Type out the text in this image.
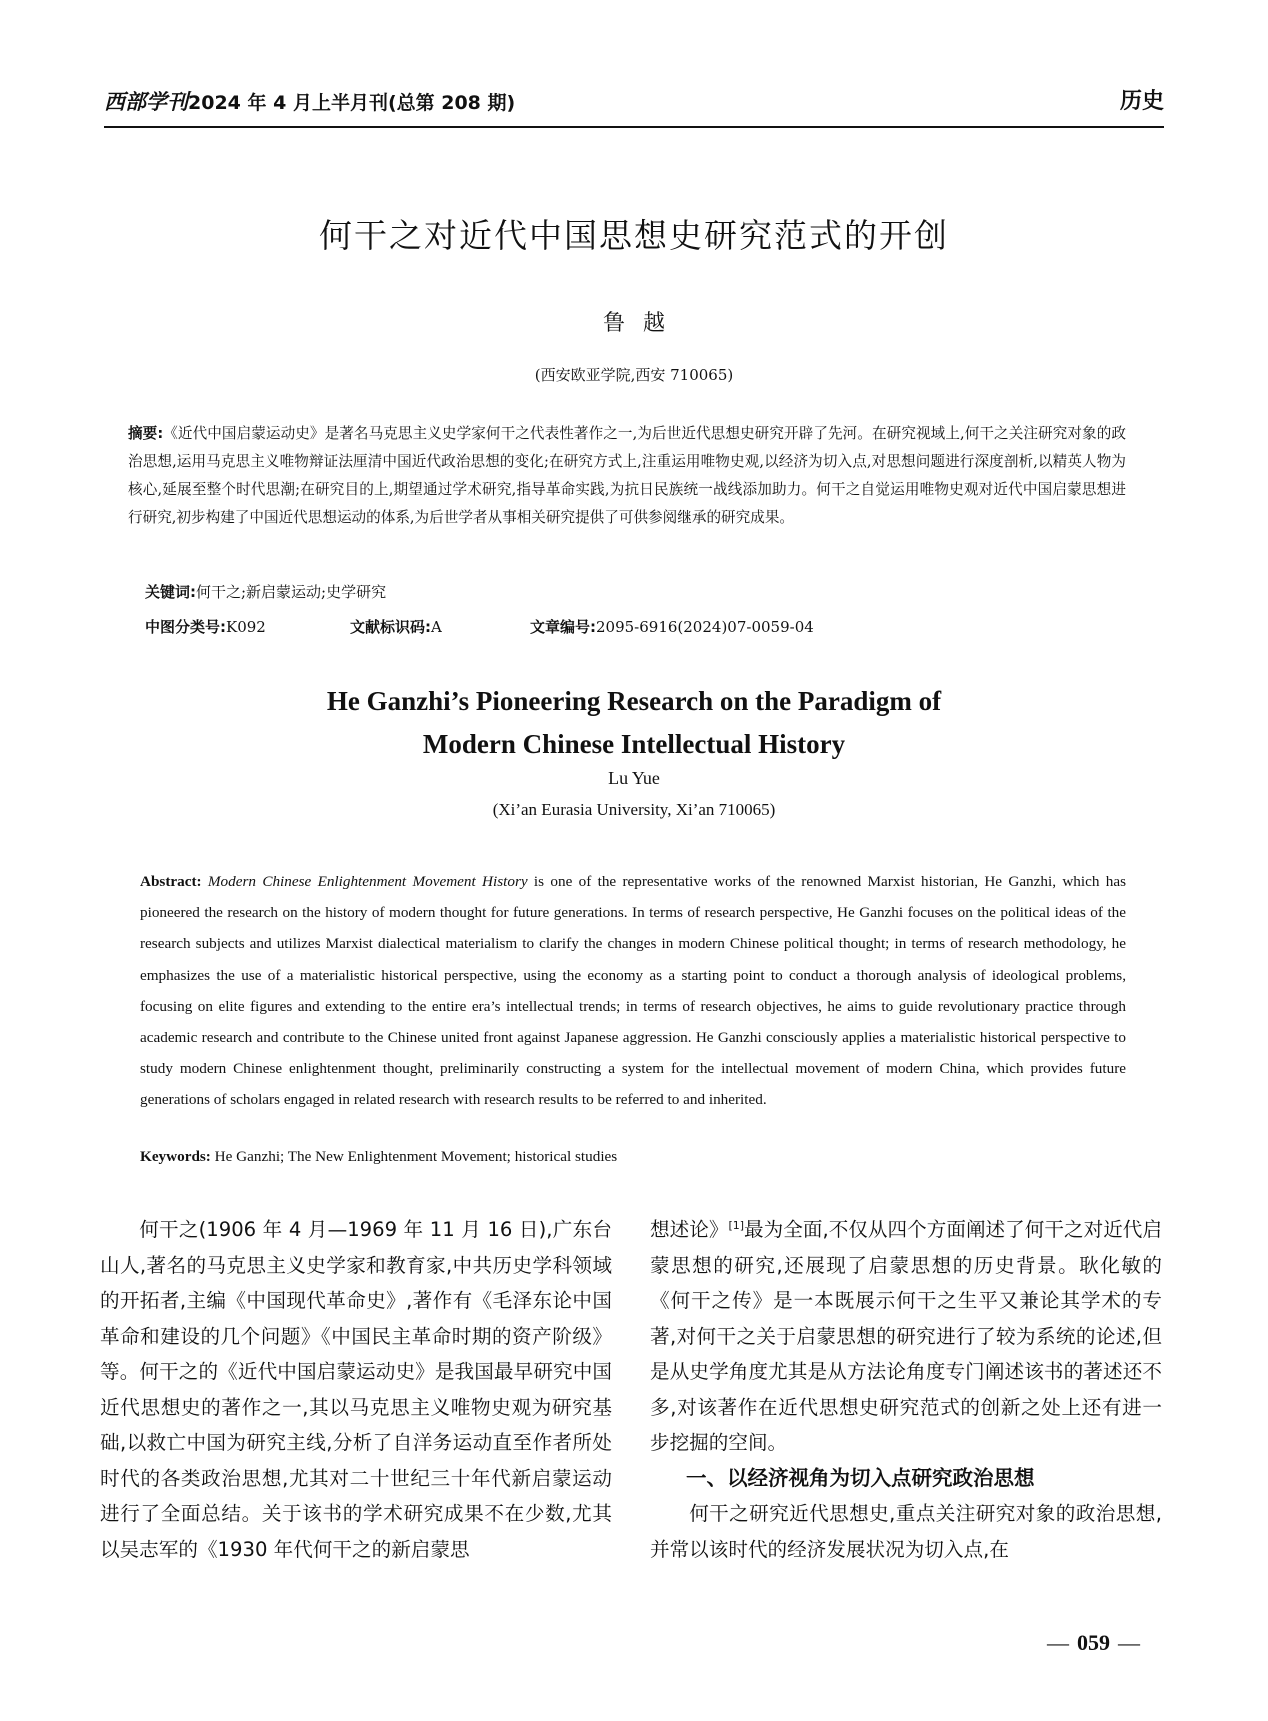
西部学刊2024 年 4 月上半月刊(总第 208 期)	历史
何干之对近代中国思想史研究范式的开创
鲁越
(西安欧亚学院,西安 710065)
摘要:《近代中国启蒙运动史》是著名马克思主义史学家何干之代表性著作之一,为后世近代思想史研究开辟了先河。在研究视域上,何干之关注研究对象的政治思想,运用马克思主义唯物辩证法厘清中国近代政治思想的变化;在研究方式上,注重运用唯物史观,以经济为切入点,对思想问题进行深度剖析,以精英人物为核心,延展至整个时代思潮;在研究目的上,期望通过学术研究,指导革命实践,为抗日民族统一战线添加助力。何干之自觉运用唯物史观对近代中国启蒙思想进行研究,初步构建了中国近代思想运动的体系,为后世学者从事相关研究提供了可供参阅继承的研究成果。
关键词:何干之;新启蒙运动;史学研究
中图分类号:K092	文献标识码:A	文章编号:2095-6916(2024)07-0059-04
He Ganzhi’s Pioneering Research on the Paradigm of
Modern Chinese Intellectual History
Lu Yue
(Xi’an Eurasia University, Xi’an 710065)
Abstract: Modern Chinese Enlightenment Movement History is one of the representative works of the renowned Marxist historian, He Ganzhi, which has pioneered the research on the history of modern thought for future generations. In terms of research perspective, He Ganzhi focuses on the political ideas of the research subjects and utilizes Marxist dialectical materialism to clarify the changes in modern Chinese political thought; in terms of research methodology, he emphasizes the use of a materialistic historical perspective, using the economy as a starting point to conduct a thorough analysis of ideological problems, focusing on elite figures and extending to the entire era’s intellectual trends; in terms of research objectives, he aims to guide revolutionary practice through academic research and contribute to the Chinese united front against Japanese aggression. He Ganzhi consciously applies a materialistic historical perspective to study modern Chinese enlightenment thought, preliminarily constructing a system for the intellectual movement of modern China, which provides future generations of scholars engaged in related research with research results to be referred to and inherited.
Keywords: He Ganzhi; The New Enlightenment Movement; historical studies

何干之(1906 年 4 月—1969 年 11 月 16 日),广东台山人,著名的马克思主义史学家和教育家,中共历史学科领域的开拓者,主编《中国现代革命史》,著作有《毛泽东论中国革命和建设的几个问题》《中国民主革命时期的资产阶级》等。何干之的《近代中国启蒙运动史》是我国最早研究中国近代思想史的著作之一,其以马克思主义唯物史观为研究基础,以救亡中国为研究主线,分析了自洋务运动直至作者所处时代的各类政治思想,尤其对二十世纪三十年代新启蒙运动进行了全面总结。关于该书的学术研究成果不在少数,尤其以吴志军的《1930 年代何干之的新启蒙思

想述论》[1]最为全面,不仅从四个方面阐述了何干之对近代启蒙思想的研究,还展现了启蒙思想的历史背景。耿化敏的《何干之传》是一本既展示何干之生平又兼论其学术的专著,对何干之关于启蒙思想的研究进行了较为系统的论述,但是从史学角度尤其是从方法论角度专门阐述该书的著述还不多,对该著作在近代思想史研究范式的创新之处上还有进一步挖掘的空间。

一、以经济视角为切入点研究政治思想

何干之研究近代思想史,重点关注研究对象的政治思想,并常以该时代的经济发展状况为切入点,在

— 059 —
